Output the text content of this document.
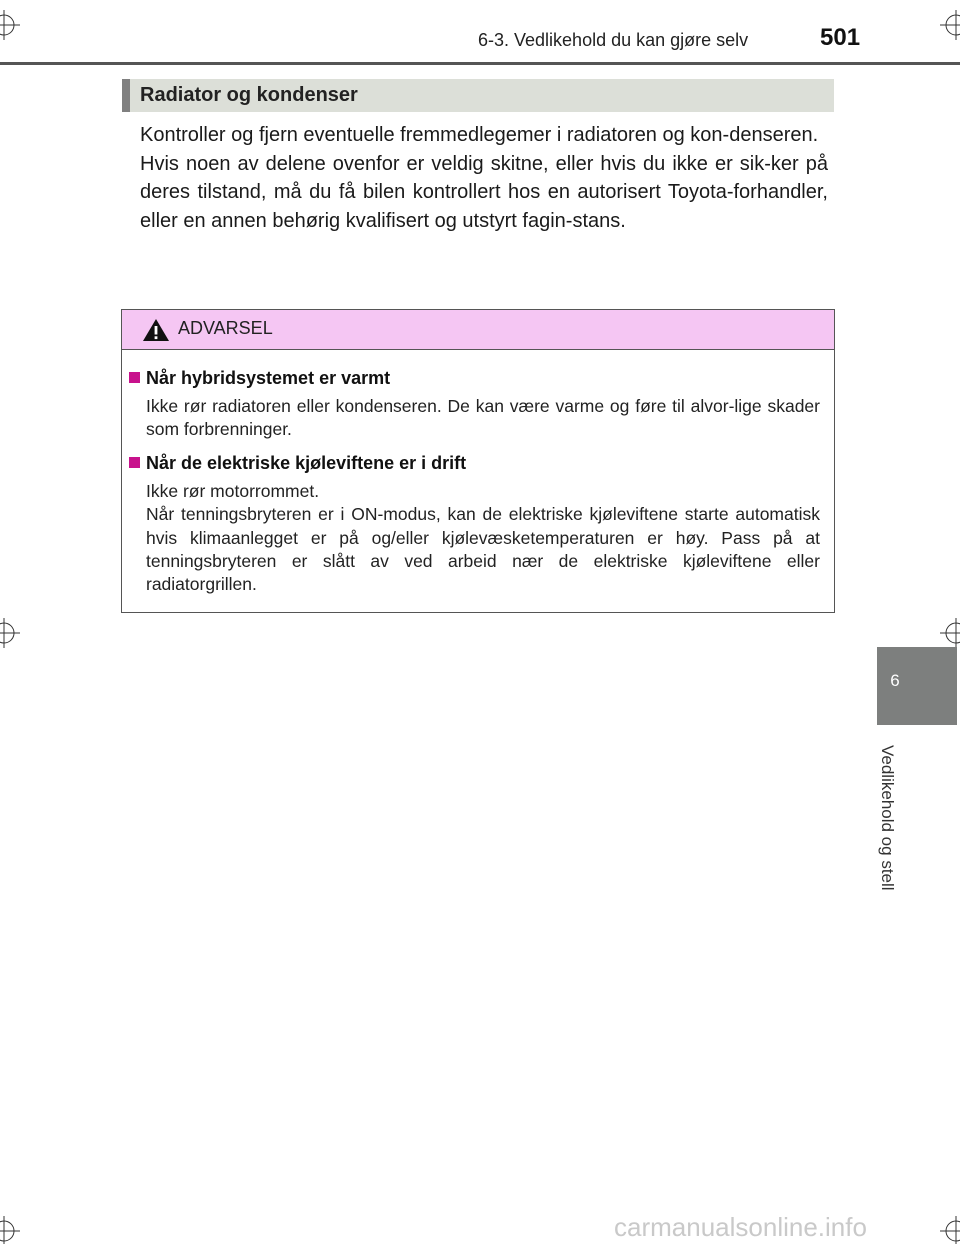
6-3. Vedlikehold du kan gjøre selv	501
Radiator og kondenser

Kontroller og fjern eventuelle fremmedlegemer i radiatoren og kon-denseren.

Hvis noen av delene ovenfor er veldig skitne, eller hvis du ikke er sik-ker på deres tilstand, må du få bilen kontrollert hos en autorisert Toyota-forhandler, eller en annen behørig kvalifisert og utstyrt fagin-stans.

ADVARSEL
Når hybridsystemet er varmt

Ikke rør radiatoren eller kondenseren. De kan være varme og føre til alvor-lige skader som forbrenninger.

Når de elektriske kjøleviftene er i drift

Ikke rør motorrommet.

Når tenningsbryteren er i ON-modus, kan de elektriske kjøleviftene starte automatisk hvis klimaanlegget er på og/eller kjølevæsketemperaturen er høy. Pass på at tenningsbryteren er slått av ved arbeid nær de elektriske kjøleviftene eller radiatorgrillen.

6
Vedlikehold og stell
carmanualsonline.info
